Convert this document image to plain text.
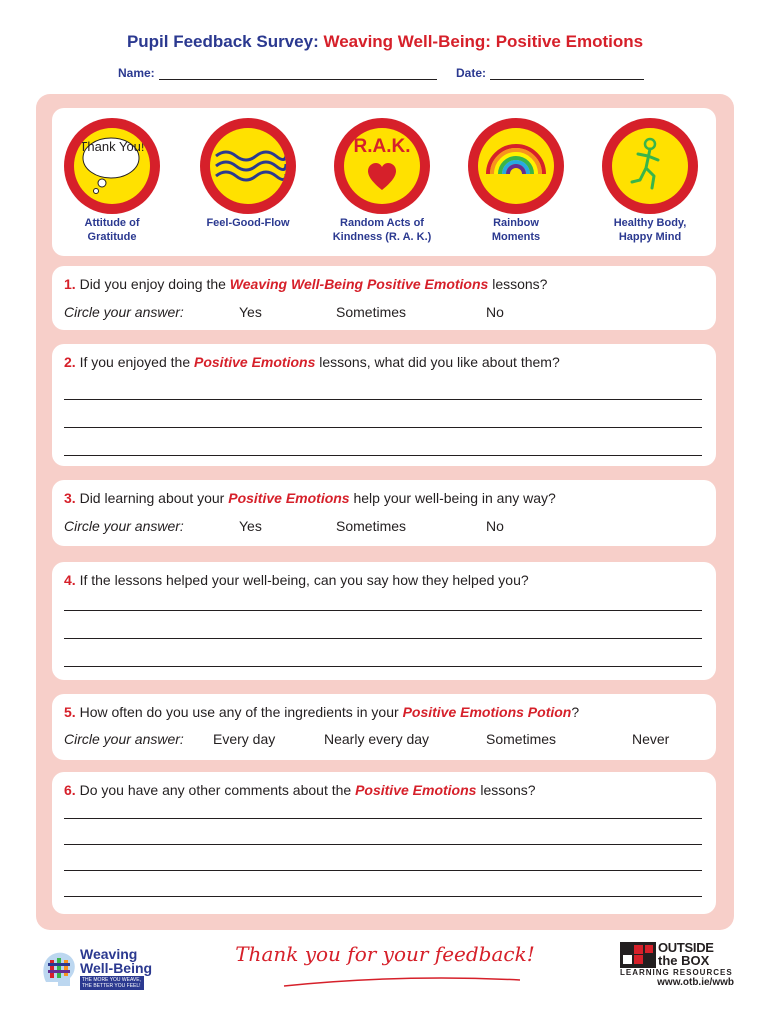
Pupil Feedback Survey: Weaving Well-Being: Positive Emotions
Name:	Date:
Thank You!
Attitude of
Gratitude
Feel-Good-Flow
R.A.K.
Random Acts of
Kindness (R. A. K.)
Rainbow
Moments
Healthy Body,
Happy Mind
1. Did you enjoy doing the Weaving Well-Being Positive Emotions lessons?
Circle your answer:	Yes	Sometimes	No
2. If you enjoyed the Positive Emotions lessons, what did you like about them?
3. Did learning about your Positive Emotions help your well-being in any way?
Circle your answer:	Yes	Sometimes	No
4. If the lessons helped your well-being, can you say how they helped you?
5. How often do you use any of the ingredients in your Positive Emotions Potion?
Circle your answer: Every day	Nearly every day	Sometimes	Never
6. Do you have any other comments about the Positive Emotions lessons?
Weaving
Well-Being
THE MORE YOU WEAVE, THE BETTER YOU FEEL!
Thank you for your feedback!	OUTSIDE
the BOX
LEARNING RESOURCES
www.otb.ie/wwb
